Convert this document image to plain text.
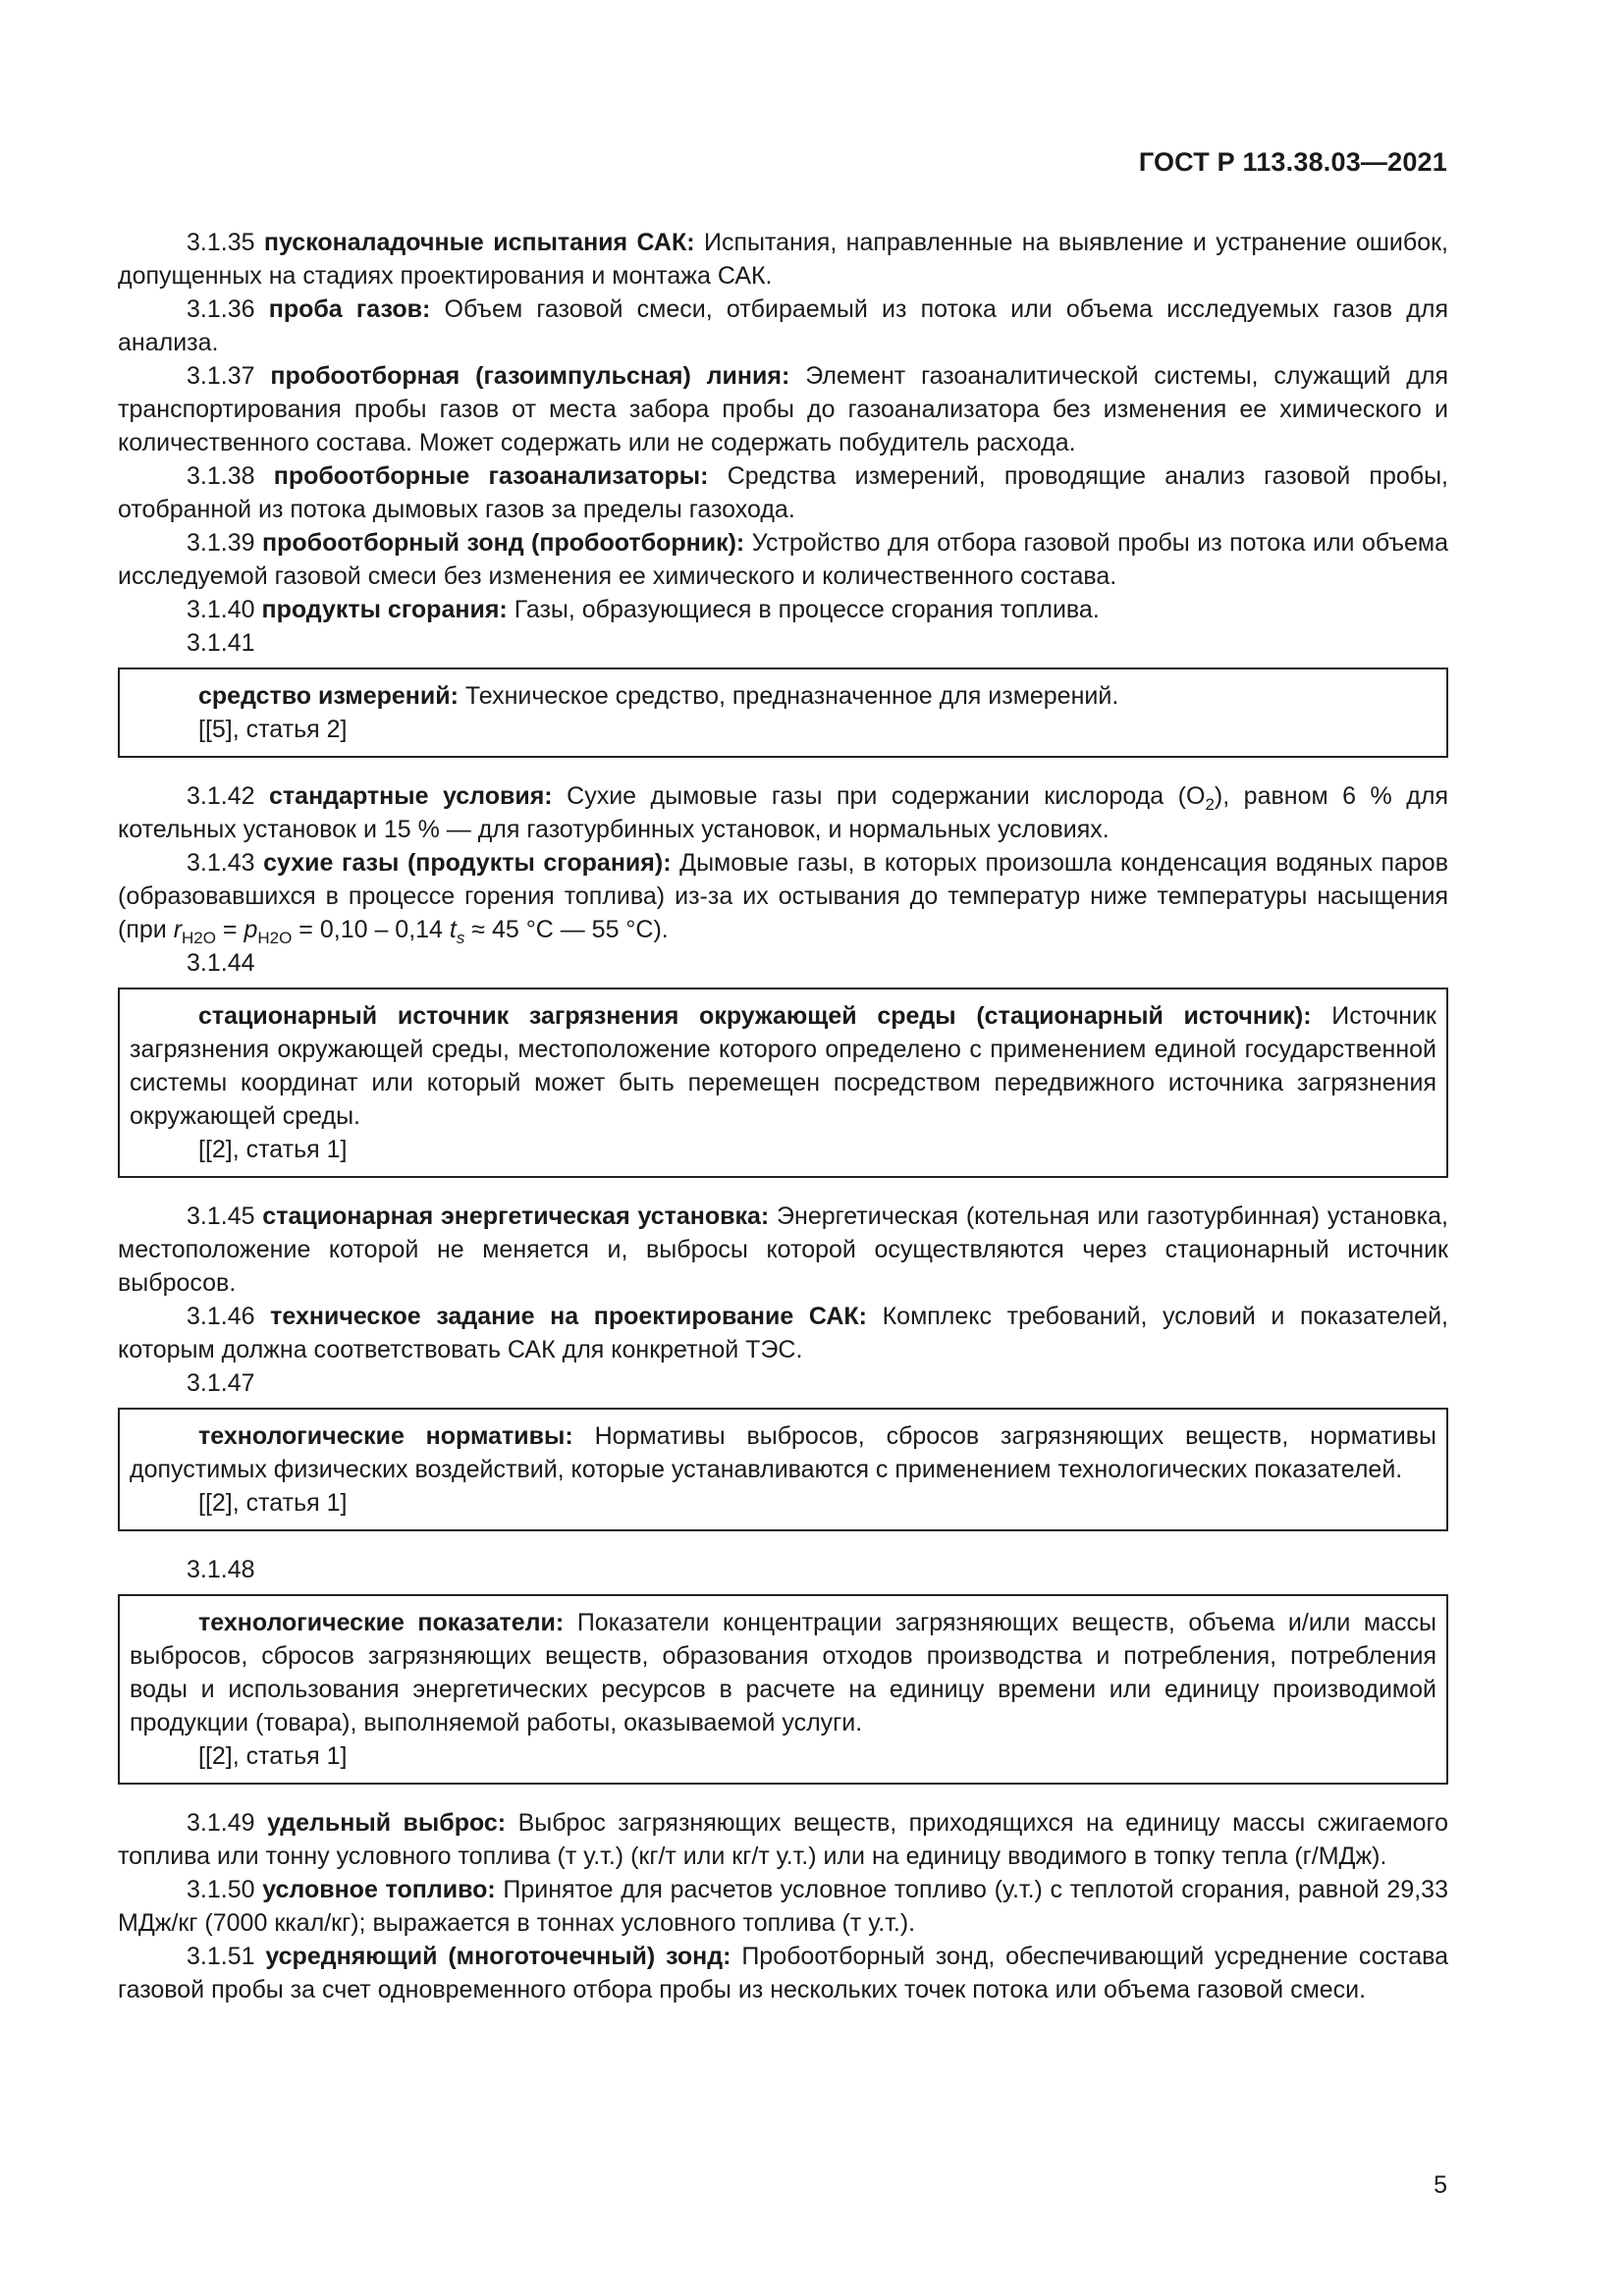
ГОСТ Р 113.38.03—2021

3.1.35 пусконаладочные испытания САК: Испытания, направленные на выявление и устранение ошибок, допущенных на стадиях проектирования и монтажа САК.

3.1.36 проба газов: Объем газовой смеси, отбираемый из потока или объема исследуемых газов для анализа.

3.1.37 пробоотборная (газоимпульсная) линия: Элемент газоаналитической системы, служащий для транспортирования пробы газов от места забора пробы до газоанализатора без изменения ее химического и количественного состава. Может содержать или не содержать побудитель расхода.

3.1.38 пробоотборные газоанализаторы: Средства измерений, проводящие анализ газовой пробы, отобранной из потока дымовых газов за пределы газохода.

3.1.39 пробоотборный зонд (пробоотборник): Устройство для отбора газовой пробы из потока или объема исследуемой газовой смеси без изменения ее химического и количественного состава.

3.1.40 продукты сгорания: Газы, образующиеся в процессе сгорания топлива.

3.1.41

средство измерений: Техническое средство, предназначенное для измерений.

[[5], статья 2]

3.1.42 стандартные условия: Сухие дымовые газы при содержании кислорода $(O_2)$, равном 6 % для котельных установок и 15 % — для газотурбинных установок, и нормальных условиях.

3.1.43 сухие газы (продукты сгорания): Дымовые газы, в которых произошла конденсация водяных паров (образовавшихся в процессе горения топлива) из-за их остывания до температур ниже температуры насыщения (при $r_{H2O} = p_{H2O} = 0,10 - 0,14$ $t_s \approx 45$ °C — 55 °C).

3.1.44

стационарный источник загрязнения окружающей среды (стационарный источник): Источник загрязнения окружающей среды, местоположение которого определено с применением единой государственной системы координат или который может быть перемещен посредством передвижного источника загрязнения окружающей среды.

[[2], статья 1]

3.1.45 стационарная энергетическая установка: Энергетическая (котельная или газотурбинная) установка, местоположение которой не меняется и, выбросы которой осуществляются через стационарный источник выбросов.

3.1.46 техническое задание на проектирование САК: Комплекс требований, условий и показателей, которым должна соответствовать САК для конкретной ТЭС.

3.1.47

технологические нормативы: Нормативы выбросов, сбросов загрязняющих веществ, нормативы допустимых физических воздействий, которые устанавливаются с применением технологических показателей.

[[2], статья 1]

3.1.48

технологические показатели: Показатели концентрации загрязняющих веществ, объема и/или массы выбросов, сбросов загрязняющих веществ, образования отходов производства и потребления, потребления воды и использования энергетических ресурсов в расчете на единицу времени или единицу производимой продукции (товара), выполняемой работы, оказываемой услуги.

[[2], статья 1]

3.1.49 удельный выброс: Выброс загрязняющих веществ, приходящихся на единицу массы сжигаемого топлива или тонну условного топлива (т у.т.) (кг/т или кг/т у.т.) или на единицу вводимого в топку тепла (г/МДж).

3.1.50 условное топливо: Принятое для расчетов условное топливо (у.т.) с теплотой сгорания, равной 29,33 МДж/кг (7000 ккал/кг); выражается в тоннах условного топлива (т у.т.).

3.1.51 усредняющий (многоточечный) зонд: Пробоотборный зонд, обеспечивающий усреднение состава газовой пробы за счет одновременного отбора пробы из нескольких точек потока или объема газовой смеси.

5
